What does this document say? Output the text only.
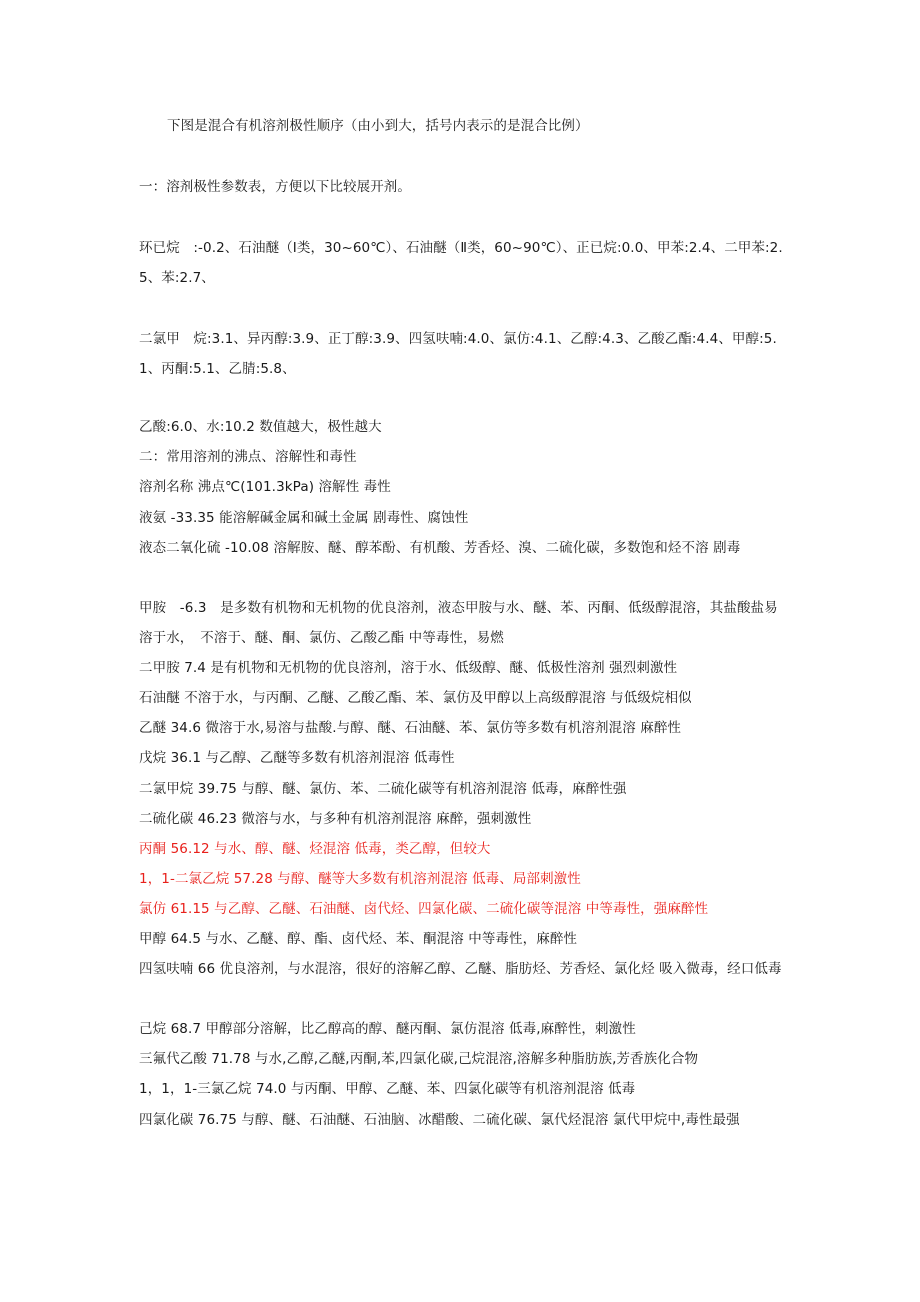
下图是混合有机溶剂极性顺序（由小到大，括号内表示的是混合比例）
一：溶剂极性参数表，方便以下比较展开剂。
环已烷　:-0.2、石油醚（Ⅰ类，30~60℃）、石油醚（Ⅱ类，60~90℃）、正已烷:0.0、甲苯:2.4、二甲苯:2.5、苯:2.7、
二氯甲　烷:3.1、异丙醇:3.9、正丁醇:3.9、四氢呋喃:4.0、氯仿:4.1、乙醇:4.3、乙酸乙酯:4.4、甲醇:5.1、丙酮:5.1、乙腈:5.8、
乙酸:6.0、水:10.2 数值越大，极性越大
二：常用溶剂的沸点、溶解性和毒性
溶剂名称 沸点℃(101.3kPa) 溶解性 毒性
液氨 -33.35 能溶解碱金属和碱土金属 剧毒性、腐蚀性
液态二氧化硫 -10.08 溶解胺、醚、醇苯酚、有机酸、芳香烃、溴、二硫化碳，多数饱和烃不溶 剧毒
甲胺　-6.3　是多数有机物和无机物的优良溶剂，液态甲胺与水、醚、苯、丙酮、低级醇混溶，其盐酸盐易溶于水，　不溶于、醚、酮、氯仿、乙酸乙酯 中等毒性，易燃
二甲胺 7.4 是有机物和无机物的优良溶剂，溶于水、低级醇、醚、低极性溶剂 强烈刺激性
石油醚 不溶于水，与丙酮、乙醚、乙酸乙酯、苯、氯仿及甲醇以上高级醇混溶 与低级烷相似
乙醚 34.6 微溶于水,易溶与盐酸.与醇、醚、石油醚、苯、氯仿等多数有机溶剂混溶 麻醉性
戊烷 36.1 与乙醇、乙醚等多数有机溶剂混溶 低毒性
二氯甲烷 39.75 与醇、醚、氯仿、苯、二硫化碳等有机溶剂混溶 低毒，麻醉性强
二硫化碳 46.23 微溶与水，与多种有机溶剂混溶 麻醉，强刺激性
丙酮 56.12 与水、醇、醚、烃混溶 低毒，类乙醇，但较大
1，1-二氯乙烷 57.28 与醇、醚等大多数有机溶剂混溶 低毒、局部刺激性
氯仿 61.15 与乙醇、乙醚、石油醚、卤代烃、四氯化碳、二硫化碳等混溶 中等毒性，强麻醉性
甲醇 64.5 与水、乙醚、醇、酯、卤代烃、苯、酮混溶 中等毒性，麻醉性
四氢呋喃 66 优良溶剂，与水混溶，很好的溶解乙醇、乙醚、脂肪烃、芳香烃、氯化烃 吸入微毒，经口低毒
己烷 68.7 甲醇部分溶解，比乙醇高的醇、醚丙酮、氯仿混溶 低毒,麻醉性，刺激性
三氟代乙酸 71.78 与水,乙醇,乙醚,丙酮,苯,四氯化碳,己烷混溶,溶解多种脂肪族,芳香族化合物
1，1，1-三氯乙烷 74.0 与丙酮、甲醇、乙醚、苯、四氯化碳等有机溶剂混溶 低毒
四氯化碳 76.75 与醇、醚、石油醚、石油脑、冰醋酸、二硫化碳、氯代烃混溶 氯代甲烷中,毒性最强
